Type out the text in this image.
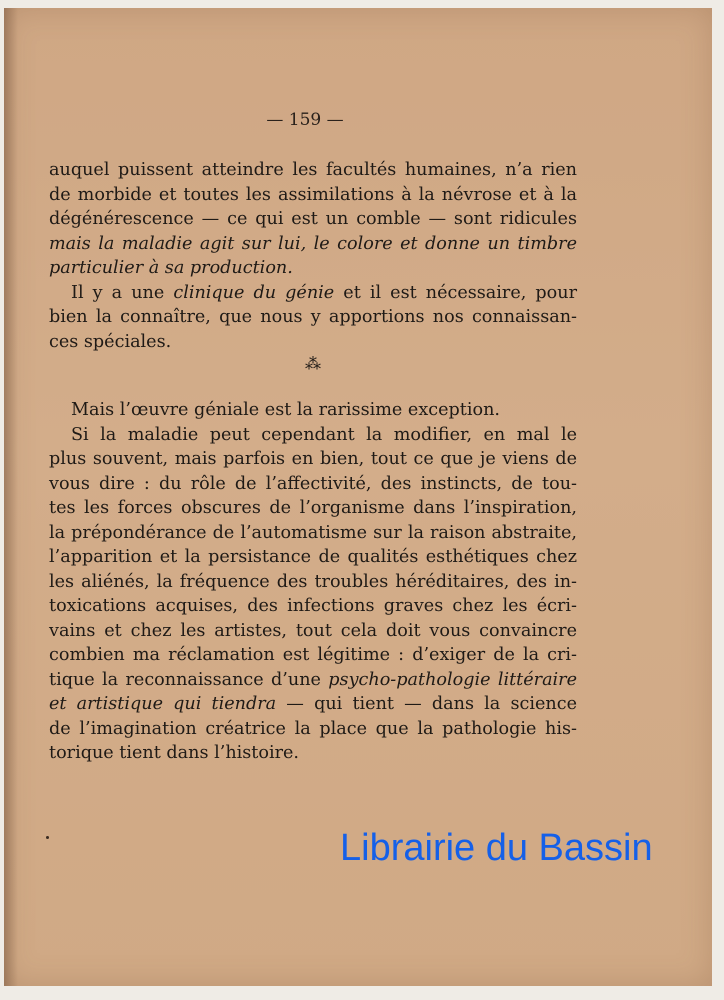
— 159 —
auquel puissent atteindre les facultés humaines, n’a rien
de morbide et toutes les assimilations à la névrose et à la
dégénérescence — ce qui est un comble — sont ridicules
mais la maladie agit sur lui, le colore et donne un timbre
particulier à sa production.
Il y a une clinique du génie et il est nécessaire, pour
bien la connaître, que nous y apportions nos connaissan-
ces spéciales.
⁂
Mais l’œuvre géniale est la rarissime exception.
Si la maladie peut cependant la modifier, en mal le
plus souvent, mais parfois en bien, tout ce que je viens de
vous dire : du rôle de l’affectivité, des instincts, de tou-
tes les forces obscures de l’organisme dans l’inspiration,
la prépondérance de l’automatisme sur la raison abstraite,
l’apparition et la persistance de qualités esthétiques chez
les aliénés, la fréquence des troubles héréditaires, des in-
toxications acquises, des infections graves chez les écri-
vains et chez les artistes, tout cela doit vous convaincre
combien ma réclamation est légitime : d’exiger de la cri-
tique la reconnaissance d’une psycho-pathologie littéraire
et artistique qui tiendra — qui tient — dans la science
de l’imagination créatrice la place que la pathologie his-
torique tient dans l’histoire.
Librairie du Bassin
